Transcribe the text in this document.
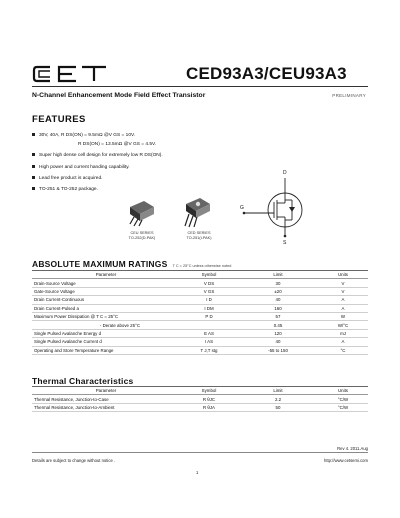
CED93A3/CEU93A3
N-Channel Enhancement Mode Field Effect Transistor	PRELIMINARY
FEATURES
30V, 40A, R DS(ON) = 9.5mΩ @V GS = 10V.
R DS(ON) = 13.5mΩ @V GS = 4.5V.
Super high dense cell design for extremely low R DS(ON).
High power and current handing capability.
Lead free product is acquired.
TO-251 & TO-252 package.
CEU SERIES
TO-252(D-PAK)
CED SERIES
TO-251(I-PAK)
D
G
S
ABSOLUTE MAXIMUM RATINGS T C = 25°C unless otherwise noted
Parameter	Symbol	Limit	Units
Drain-Source Voltage	V DS	30	V
Gate-Source Voltage	V GS	±20	V
Drain Current-Continuous	I D	40	A
Drain Current-Pulsed a	I DM	160	A
Maximum Power Dissipation @ T C = 25°C	P D	57	W
- Derate above 25°C		0.45	W/°C
Single Pulsed Avalanche Energy d	E AS	120	mJ
Single Pulsed Avalanche Current d	I AS	40	A
Operating and Store Temperature Range	T J,T stg	-55 to 150	°C
Thermal Characteristics
Parameter	Symbol	Limit	Units
Thermal Resistance, Junction-to-Case	R θJC	2.2	°C/W
Thermal Resistance, Junction-to-Ambient	R θJA	50	°C/W
Rev 4. 2011.Aug
Details are subject to change without notice .	http://www.cetsemi.com
1
